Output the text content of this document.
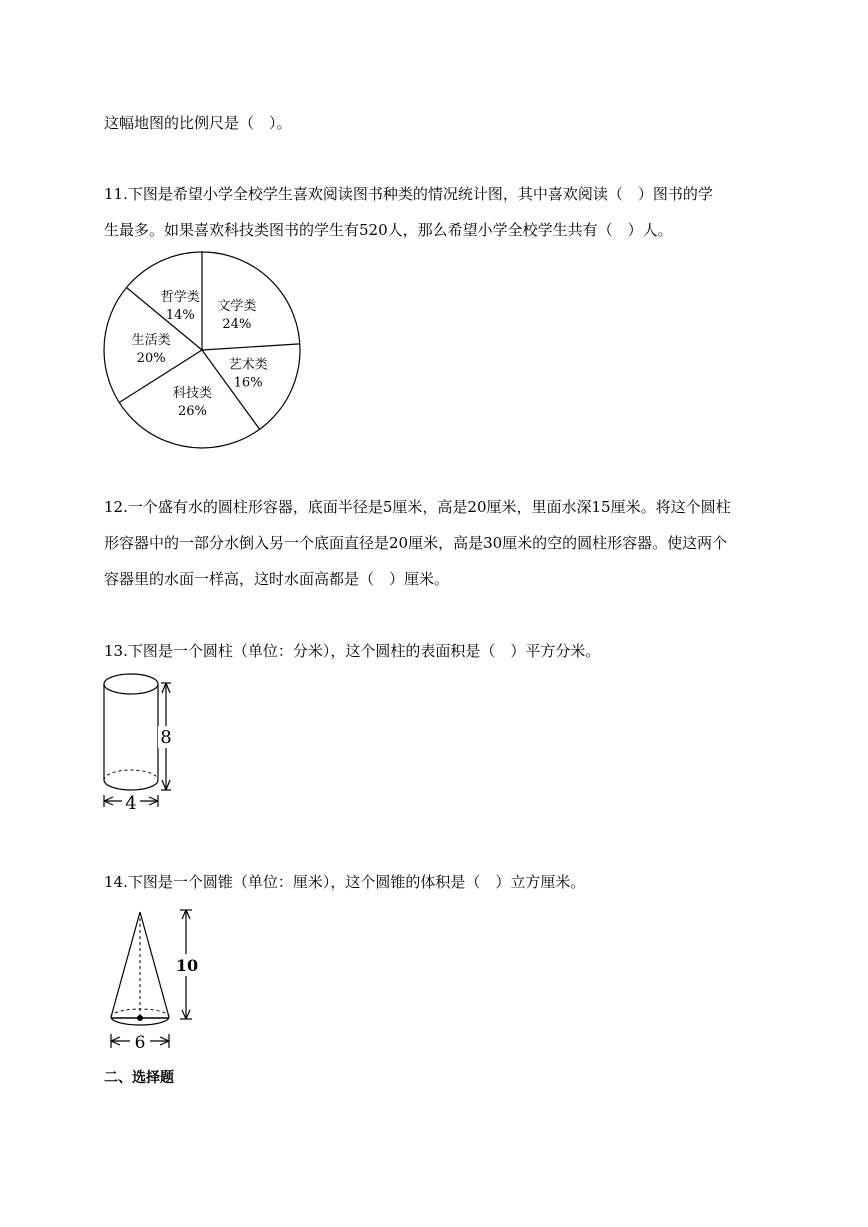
这幅地图的比例尺是（　）。
11.下图是希望小学全校学生喜欢阅读图书种类的情况统计图，其中喜欢阅读（　）图书的学
生最多。如果喜欢科技类图书的学生有520人，那么希望小学全校学生共有（　）人。
文学类
24%
艺术类
16%
科技类
26%
生活类
20%
哲学类
14%
12.一个盛有水的圆柱形容器，底面半径是5厘米，高是20厘米，里面水深15厘米。将这个圆柱
形容器中的一部分水倒入另一个底面直径是20厘米，高是30厘米的空的圆柱形容器。使这两个
容器里的水面一样高，这时水面高都是（　）厘米。
13.下图是一个圆柱（单位：分米），这个圆柱的表面积是（　）平方分米。
8
4
14.下图是一个圆锥（单位：厘米），这个圆锥的体积是（　）立方厘米。
10
6
二、选择题
